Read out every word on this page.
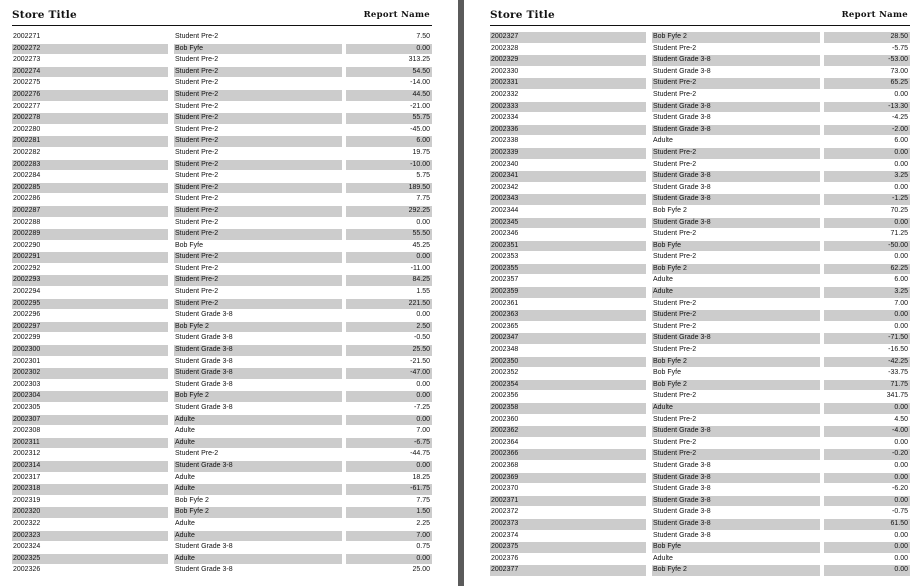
Store Title	Report Name
2002271	Student Pre-2	7.50
2002272	Bob Fyfe	0.00
2002273	Student Pre-2	313.25
2002274	Student Pre-2	54.50
2002275	Student Pre-2	-14.00
2002276	Student Pre-2	44.50
2002277	Student Pre-2	-21.00
2002278	Student Pre-2	55.75
2002280	Student Pre-2	-45.00
2002281	Student Pre-2	6.00
2002282	Student Pre-2	19.75
2002283	Student Pre-2	-10.00
2002284	Student Pre-2	5.75
2002285	Student Pre-2	189.50
2002286	Student Pre-2	7.75
2002287	Student Pre-2	292.25
2002288	Student Pre-2	0.00
2002289	Student Pre-2	55.50
2002290	Bob Fyfe	45.25
2002291	Student Pre-2	0.00
2002292	Student Pre-2	-11.00
2002293	Student Pre-2	84.25
2002294	Student Pre-2	1.55
2002295	Student Pre-2	221.50
2002296	Student Grade 3-8	0.00
2002297	Bob Fyfe 2	2.50
2002299	Student Grade 3-8	-0.50
2002300	Student Grade 3-8	25.50
2002301	Student Grade 3-8	-21.50
2002302	Student Grade 3-8	-47.00
2002303	Student Grade 3-8	0.00
2002304	Bob Fyfe 2	0.00
2002305	Student Grade 3-8	-7.25
2002307	Adulte	0.00
2002308	Adulte	7.00
2002311	Adulte	-6.75
2002312	Student Pre-2	-44.75
2002314	Student Grade 3-8	0.00
2002317	Adulte	18.25
2002318	Adulte	-61.75
2002319	Bob Fyfe 2	7.75
2002320	Bob Fyfe 2	1.50
2002322	Adulte	2.25
2002323	Adulte	7.00
2002324	Student Grade 3-8	0.75
2002325	Adulte	0.00
2002326	Student Grade 3-8	25.00
Store Title	Report Name
2002327	Bob Fyfe 2	28.50
2002328	Student Pre-2	-5.75
2002329	Student Grade 3-8	-53.00
2002330	Student Grade 3-8	73.00
2002331	Student Pre-2	65.25
2002332	Student Pre-2	0.00
2002333	Student Grade 3-8	-13.30
2002334	Student Grade 3-8	-4.25
2002336	Student Grade 3-8	-2.00
2002338	Adulte	6.00
2002339	Student Pre-2	0.00
2002340	Student Pre-2	0.00
2002341	Student Grade 3-8	3.25
2002342	Student Grade 3-8	0.00
2002343	Student Grade 3-8	-1.25
2002344	Bob Fyfe 2	70.25
2002345	Student Grade 3-8	0.00
2002346	Student Pre-2	71.25
2002351	Bob Fyfe	-50.00
2002353	Student Pre-2	0.00
2002355	Bob Fyfe 2	62.25
2002357	Adulte	6.00
2002359	Adulte	3.25
2002361	Student Pre-2	7.00
2002363	Student Pre-2	0.00
2002365	Student Pre-2	0.00
2002347	Student Grade 3-8	-71.50
2002348	Student Pre-2	-16.50
2002350	Bob Fyfe 2	-42.25
2002352	Bob Fyfe	-33.75
2002354	Bob Fyfe 2	71.75
2002356	Student Pre-2	341.75
2002358	Adulte	0.00
2002360	Student Pre-2	4.50
2002362	Student Grade 3-8	-4.00
2002364	Student Pre-2	0.00
2002366	Student Pre-2	-0.20
2002368	Student Grade 3-8	0.00
2002369	Student Grade 3-8	0.00
2002370	Student Grade 3-8	-6.20
2002371	Student Grade 3-8	0.00
2002372	Student Grade 3-8	-0.75
2002373	Student Grade 3-8	61.50
2002374	Student Grade 3-8	0.00
2002375	Bob Fyfe	0.00
2002376	Adulte	0.00
2002377	Bob Fyfe 2	0.00
